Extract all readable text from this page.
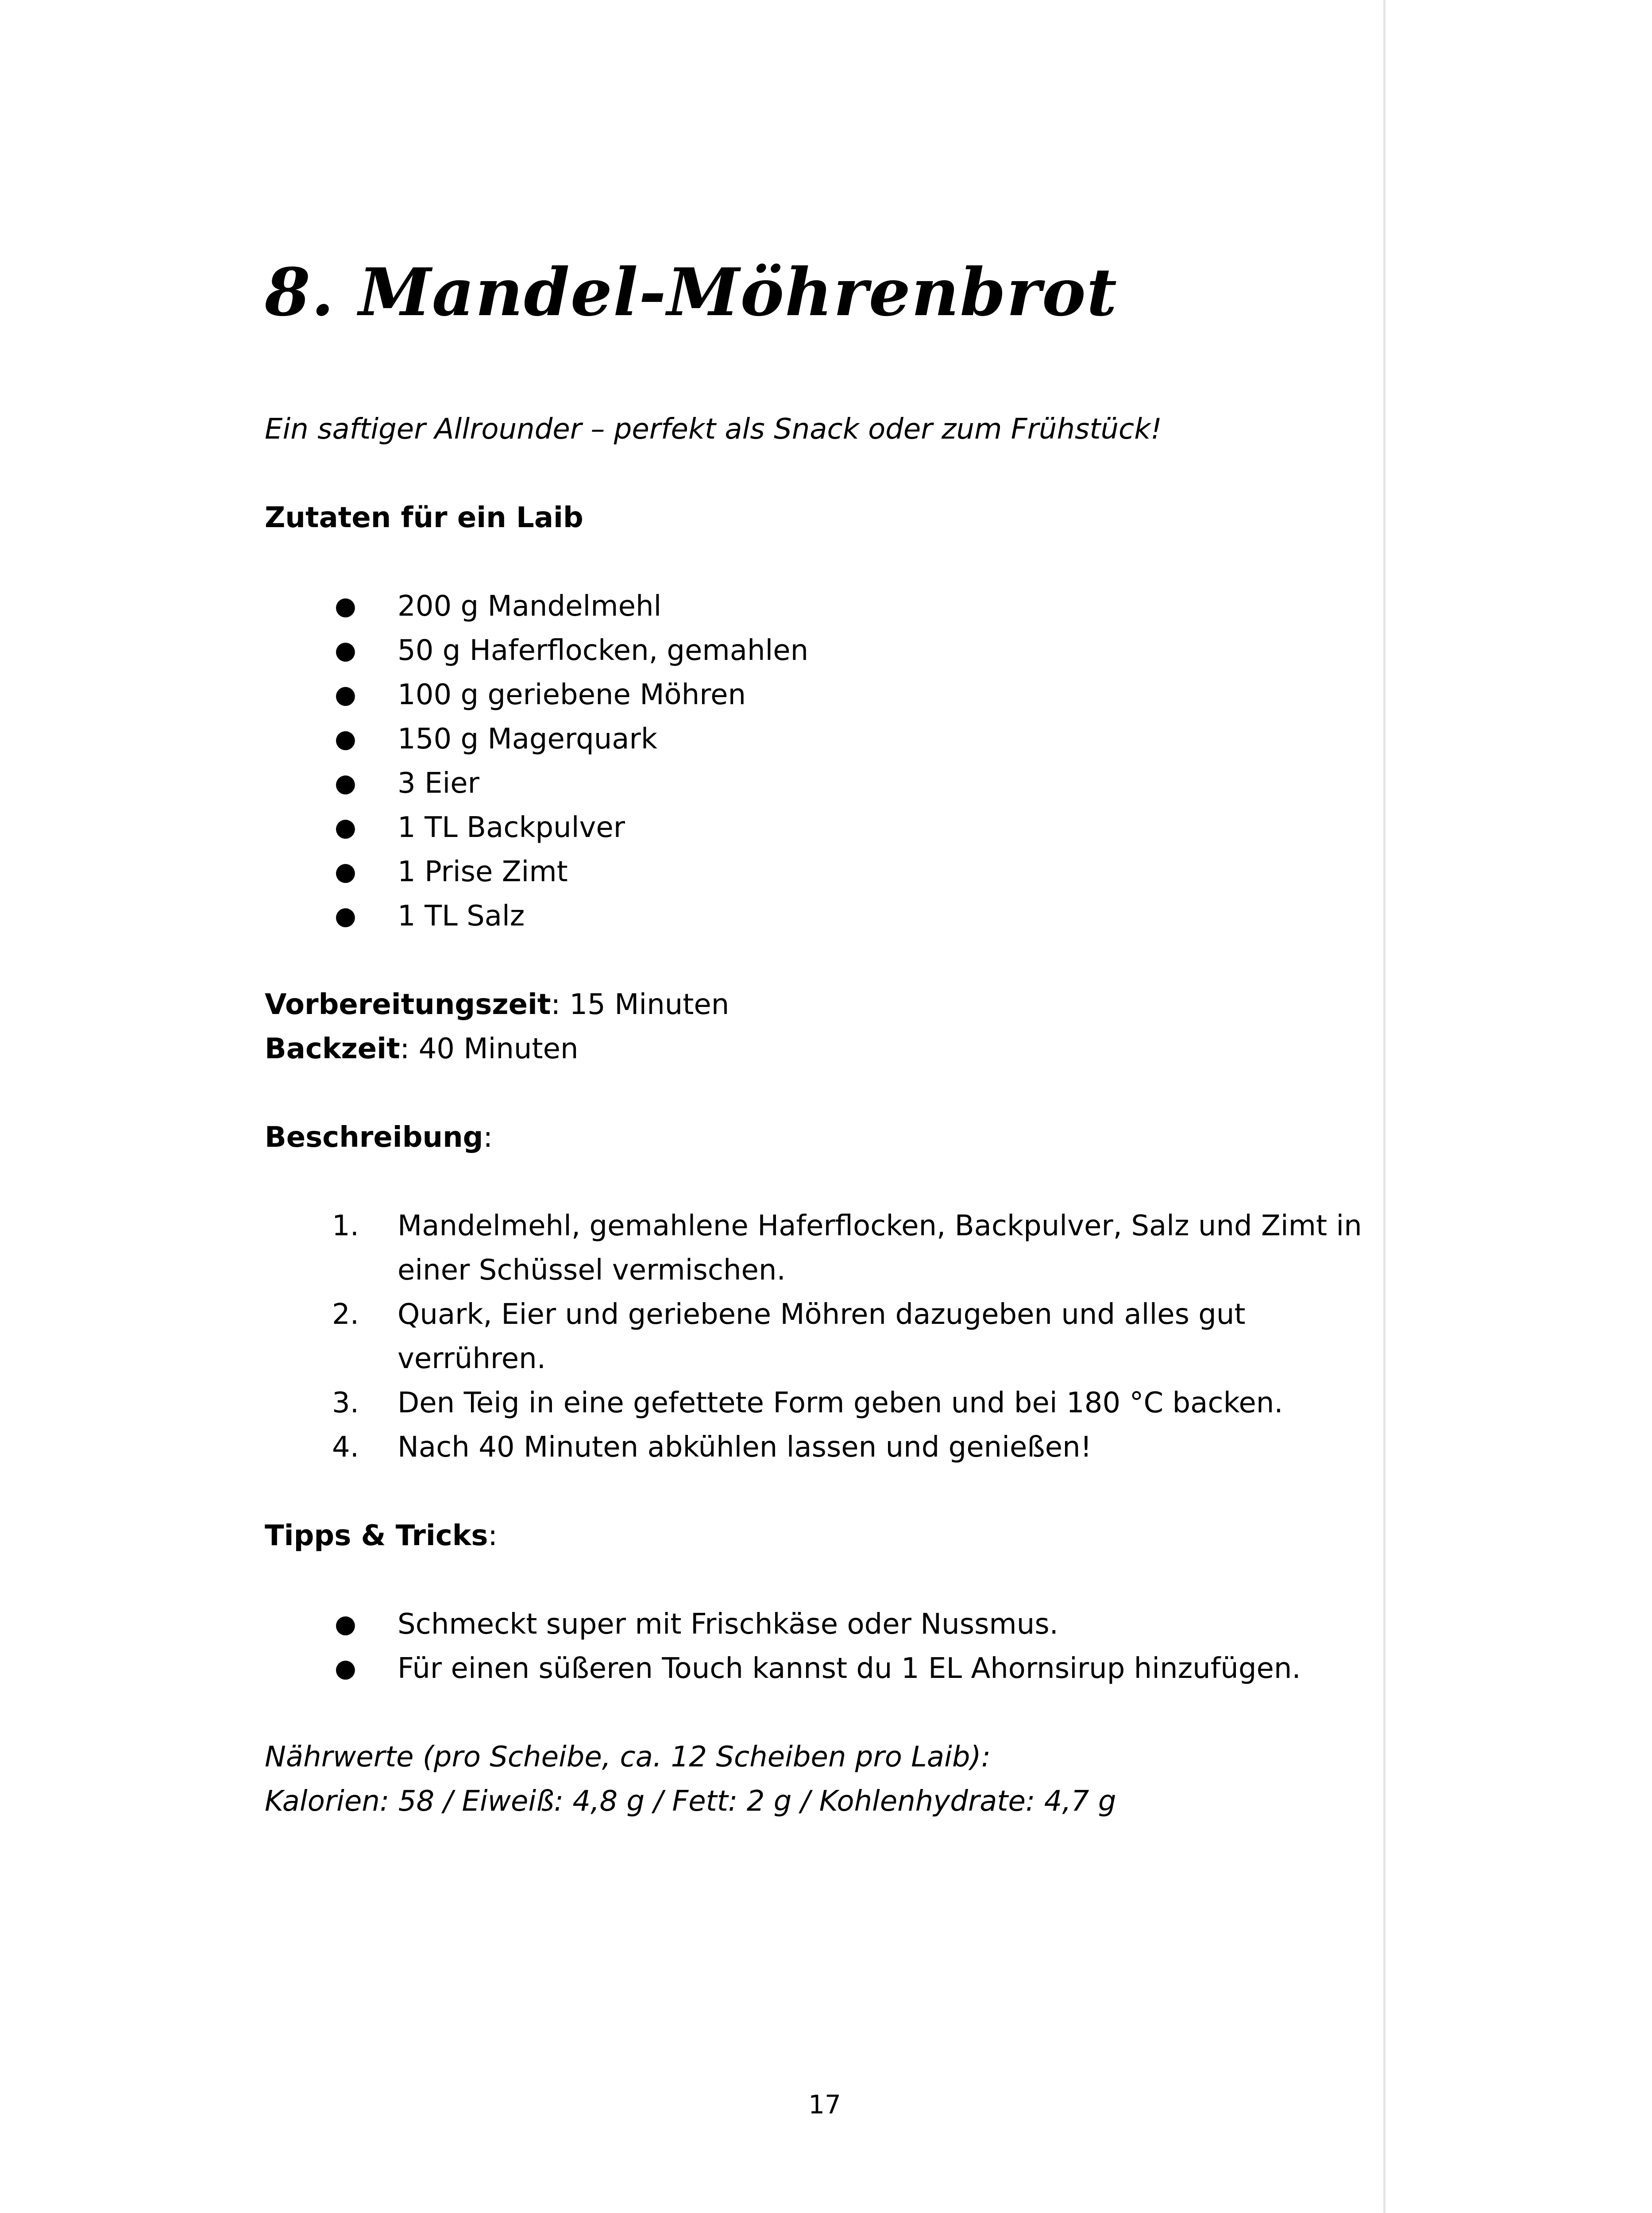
8. Mandel-Möhrenbrot

Ein saftiger Allrounder – perfekt als Snack oder zum Frühstück!

Zutaten für ein Laib

● 200 g Mandelmehl
● 50 g Haferflocken, gemahlen
● 100 g geriebene Möhren
● 150 g Magerquark
● 3 Eier
● 1 TL Backpulver
● 1 Prise Zimt
● 1 TL Salz
Vorbereitungszeit: 15 Minuten
Backzeit: 40 Minuten

Beschreibung:

1. Mandelmehl, gemahlene Haferflocken, Backpulver, Salz und Zimt in einer Schüssel vermischen.
2. Quark, Eier und geriebene Möhren dazugeben und alles gut verrühren.
3. Den Teig in eine gefettete Form geben und bei 180 °C backen.
4. Nach 40 Minuten abkühlen lassen und genießen!

Tipps & Tricks:

● Schmeckt super mit Frischkäse oder Nussmus.
● Für einen süßeren Touch kannst du 1 EL Ahornsirup hinzufügen.
Nährwerte (pro Scheibe, ca. 12 Scheiben pro Laib):
Kalorien: 58 / Eiweiß: 4,8 g / Fett: 2 g / Kohlenhydrate: 4,7 g
17
